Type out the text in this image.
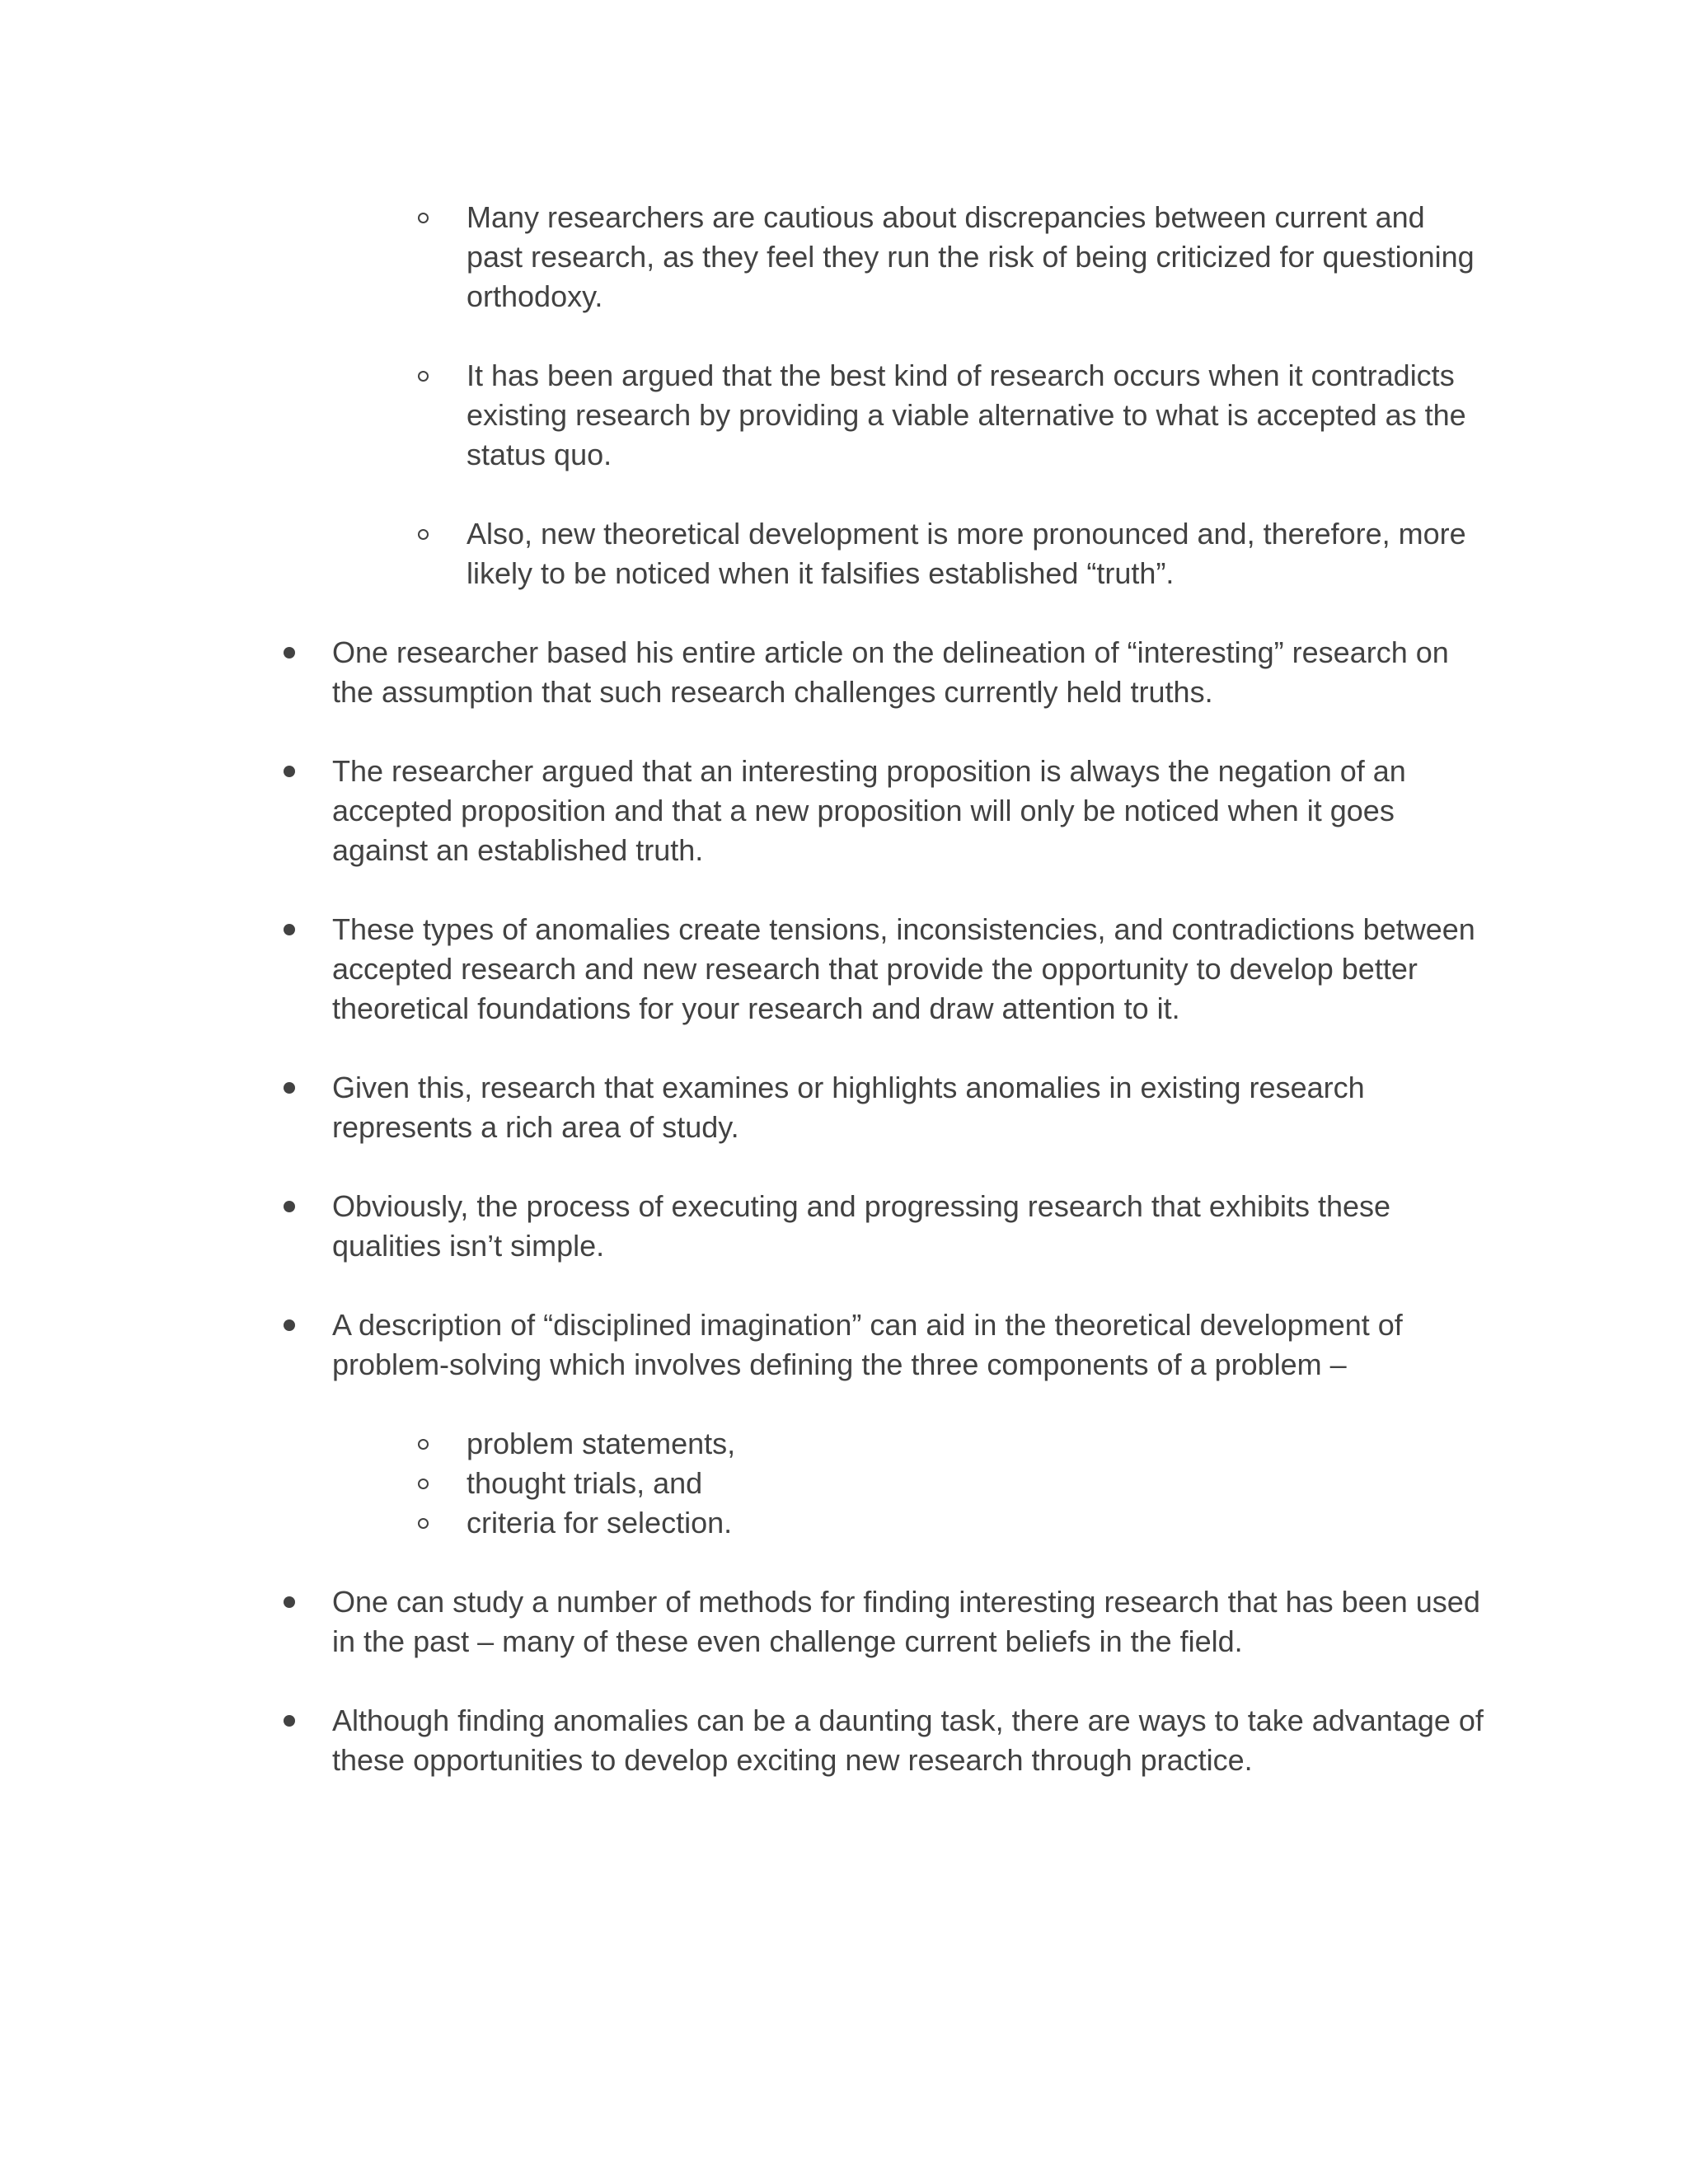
Many researchers are cautious about discrepancies between current and past research, as they feel they run the risk of being criticized for questioning orthodoxy.
It has been argued that the best kind of research occurs when it contradicts existing research by providing a viable alternative to what is accepted as the status quo.
Also, new theoretical development is more pronounced and, therefore, more likely to be noticed when it falsifies established “truth”.
One researcher based his entire article on the delineation of “interesting” research on the assumption that such research challenges currently held truths.
The researcher argued that an interesting proposition is always the negation of an accepted proposition and that a new proposition will only be noticed when it goes against an established truth.
These types of anomalies create tensions, inconsistencies, and contradictions between accepted research and new research that provide the opportunity to develop better theoretical foundations for your research and draw attention to it.
Given this, research that examines or highlights anomalies in existing research represents a rich area of study.
Obviously, the process of executing and progressing research that exhibits these qualities isn’t simple.
A description of “disciplined imagination” can aid in the theoretical development of problem-solving which involves defining the three components of a problem –
problem statements,
thought trials, and
criteria for selection.
One can study a number of methods for finding interesting research that has been used in the past – many of these even challenge current beliefs in the field.
Although finding anomalies can be a daunting task, there are ways to take advantage of these opportunities to develop exciting new research through practice.
